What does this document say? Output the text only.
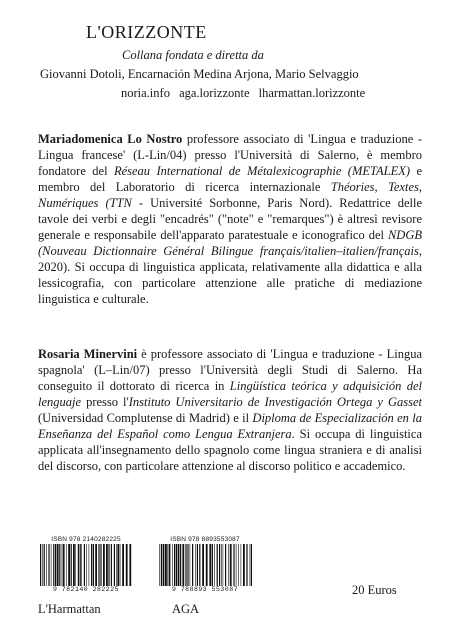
L'ORIZZONTE
Collana fondata e diretta da
Giovanni Dotoli, Encarnación Medina Arjona, Mario Selvaggio
noria.info aga.lorizzonte lharmattan.lorizzonte
Mariadomenica Lo Nostro professore associato di 'Lingua e traduzione - Lingua francese' (L-Lin/04) presso l'Università di Salerno, è membro fondatore del Réseau International de Métalexicographie (METALEX) e membro del Laboratorio di ricerca internazionale Théories, Textes, Numériques (TTN - Université Sorbonne, Paris Nord). Redattrice delle tavole dei verbi e degli "encadrés" ("note" e "remarques") è altresì revisore generale e responsabile dell'apparato paratestuale e iconografico del NDGB (Nouveau Dictionnaire Général Bilingue français/italien–italien/français, 2020). Si occupa di linguistica applicata, relativamente alla didattica e alla lessicografia, con particolare attenzione alle pratiche di mediazione linguistica e culturale.
Rosaria Minervini è professore associato di 'Lingua e traduzione - Lingua spagnola' (L–Lin/07) presso l'Università degli Studi di Salerno. Ha conseguito il dottorato di ricerca in Lingüística teórica y adquisición del lenguaje presso l'Instituto Universitario de Investigación Ortega y Gasset (Universidad Complutense di Madrid) e il Diploma de Especialización en la Enseñanza del Español como Lengua Extranjera. Si occupa di linguistica applicata all'insegnamento dello spagnolo come lingua straniera e di analisi del discorso, con particolare attenzione al discorso politico e accademico.
ISBN 978 2140282225
9 782140 282225
ISBN 978 8893553087
9 788893 553087
L'Harmattan	AGA
20 Euros
